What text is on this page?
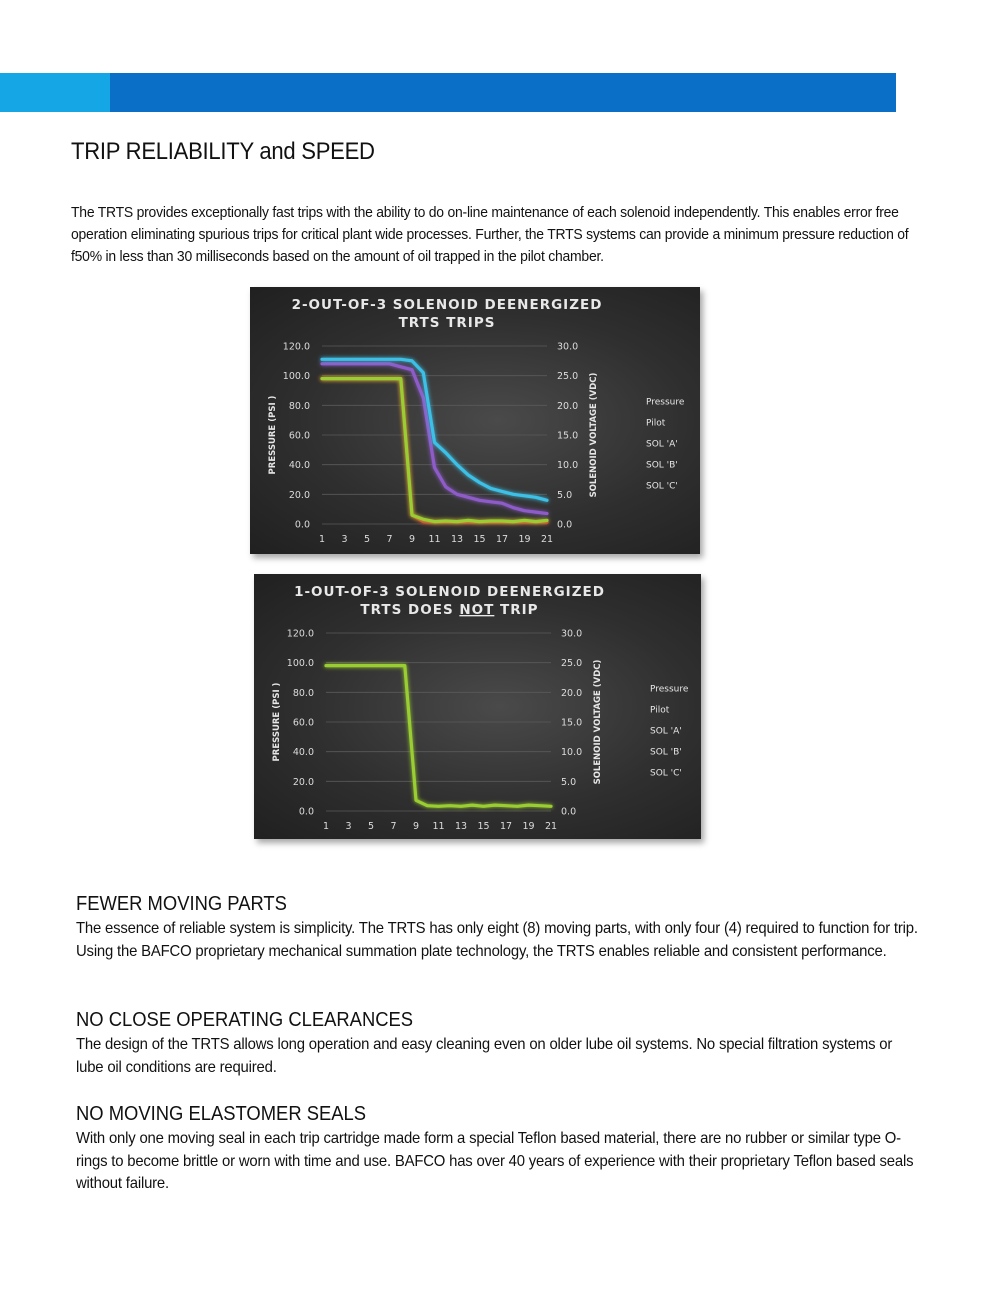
TRIP RELIABILITY and SPEED

The TRTS provides exceptionally fast trips with the ability to do on-line maintenance of each solenoid independently. This enables error free operation eliminating spurious trips for critical plant wide processes. Further, the TRTS systems can provide a minimum pressure reduction of f50% in less than 30 milliseconds based on the amount of oil trapped in the pilot chamber.

2-OUT-OF-3 SOLENOID DEENERGIZED
TRTS TRIPS
120.0
100.0
80.0
60.0
40.0
20.0
0.0
30.0
25.0
20.0
15.0
10.0
5.0
0.0
1 3 5 7 9 11 13 15 17 19 21
PRESSURE (PSI )	SOLENOID VOLTAGE (VDC)	Pressure
Pilot
SOL 'A'
SOL 'B'
SOL 'C'
1-OUT-OF-3 SOLENOID DEENERGIZED
TRTS DOES NOT TRIP
120.0
100.0
80.0
60.0
40.0
20.0
0.0
30.0
25.0
20.0
15.0
10.0
5.0
0.0
1 3 5 7 9 11 13 15 17 19 21
PRESSURE (PSI )	SOLENOID VOLTAGE (VDC)	Pressure
Pilot
SOL 'A'
SOL 'B'
SOL 'C'
FEWER MOVING PARTS

The essence of reliable system is simplicity. The TRTS has only eight (8) moving parts, with only four (4) required to function for trip. Using the BAFCO proprietary mechanical summation plate technology, the TRTS enables reliable and consistent performance.

NO CLOSE OPERATING CLEARANCES

The design of the TRTS allows long operation and easy cleaning even on older lube oil systems. No special filtration systems or lube oil conditions are required.

NO MOVING ELASTOMER SEALS

With only one moving seal in each trip cartridge made form a special Teflon based material, there are no rubber or similar type O-rings to become brittle or worn with time and use. BAFCO has over 40 years of experience with their proprietary Teflon based seals without failure.
